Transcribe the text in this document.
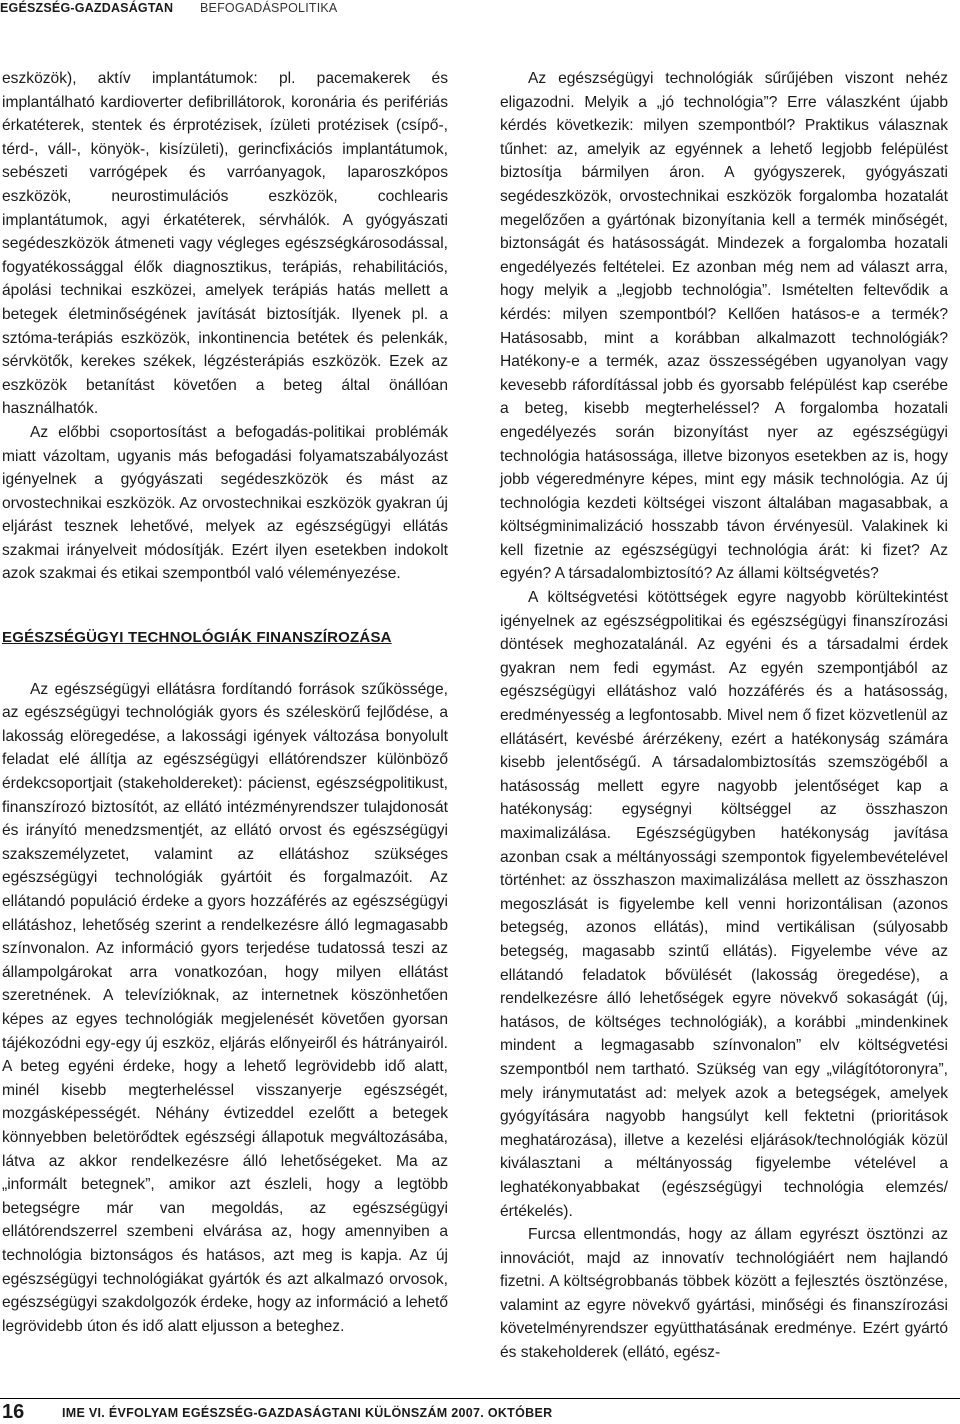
EGÉSZSÉG-GAZDASÁGTAN BEFOGADÁSPOLITIKA

eszközök), aktív implantátumok: pl. pacemakerek és implantálható kardioverter defibrillátorok, koronária és perifériás érkatéterek, stentek és érprotézisek, ízületi protézisek (csípő-, térd-, váll-, könyök-, kisízületi), gerincfixációs implantátumok, sebészeti varrógépek és varróanyagok, laparoszkópos eszközök, neurostimulációs eszközök, cochlearis implantátumok, agyi érkatéterek, sérvhálók. A gyógyászati segédeszközök átmeneti vagy végleges egészségkárosodással, fogyatékossággal élők diagnosztikus, terápiás, rehabilitációs, ápolási technikai eszközei, amelyek terápiás hatás mellett a betegek életminőségének javítását biztosítják. Ilyenek pl. a sztóma-terápiás eszközök, inkontinencia betétek és pelenkák, sérvkötők, kerekes székek, légzésterápiás eszközök. Ezek az eszközök betanítást követően a beteg által önállóan használhatók.

Az előbbi csoportosítást a befogadás-politikai problémák miatt vázoltam, ugyanis más befogadási folyamatszabályozást igényelnek a gyógyászati segédeszközök és mást az orvostechnikai eszközök. Az orvostechnikai eszközök gyakran új eljárást tesznek lehetővé, melyek az egészségügyi ellátás szakmai irányelveit módosítják. Ezért ilyen esetekben indokolt azok szakmai és etikai szempontból való véleményezése.

EGÉSZSÉGÜGYI TECHNOLÓGIÁK FINANSZÍROZÁSA

Az egészségügyi ellátásra fordítandó források szűkössége, az egészségügyi technológiák gyors és széleskörű fejlődése, a lakosság elöregedése, a lakossági igények változása bonyolult feladat elé állítja az egészségügyi ellátórendszer különböző érdekcsoportjait (stakeholdereket): pácienst, egészségpolitikust, finanszírozó biztosítót, az ellátó intézményrendszer tulajdonosát és irányító menedzsmentjét, az ellátó orvost és egészségügyi szakszemélyzetet, valamint az ellátáshoz szükséges egészségügyi technológiák gyártóit és forgalmazóit. Az ellátandó populáció érdeke a gyors hozzáférés az egészségügyi ellátáshoz, lehetőség szerint a rendelkezésre álló legmagasabb színvonalon. Az információ gyors terjedése tudatossá teszi az állampolgárokat arra vonatkozóan, hogy milyen ellátást szeretnének. A televízióknak, az internetnek köszönhetően képes az egyes technológiák megjelenését követően gyorsan tájékozódni egy-egy új eszköz, eljárás előnyeiről és hátrányairól. A beteg egyéni érdeke, hogy a lehető legrövidebb idő alatt, minél kisebb megterheléssel visszanyerje egészségét, mozgásképességét. Néhány évtizeddel ezelőtt a betegek könnyebben beletörődtek egészségi állapotuk megváltozásába, látva az akkor rendelkezésre álló lehetőségeket. Ma az „informált betegnek”, amikor azt észleli, hogy a legtöbb betegségre már van megoldás, az egészségügyi ellátórendszerrel szembeni elvárása az, hogy amennyiben a technológia biztonságos és hatásos, azt meg is kapja. Az új egészségügyi technológiákat gyártók és azt alkalmazó orvosok, egészségügyi szakdolgozók érdeke, hogy az információ a lehető legrövidebb úton és idő alatt eljusson a beteghez.

Az egészségügyi technológiák sűrűjében viszont nehéz eligazodni. Melyik a „jó technológia”? Erre válaszként újabb kérdés következik: milyen szempontból? Praktikus válasznak tűnhet: az, amelyik az egyénnek a lehető legjobb felépülést biztosítja bármilyen áron. A gyógyszerek, gyógyászati segédeszközök, orvostechnikai eszközök forgalomba hozatalát megelőzően a gyártónak bizonyítania kell a termék minőségét, biztonságát és hatásosságát. Mindezek a forgalomba hozatali engedélyezés feltételei. Ez azonban még nem ad választ arra, hogy melyik a „legjobb technológia”. Ismételten feltevődik a kérdés: milyen szempontból? Kellően hatásos-e a termék? Hatásosabb, mint a korábban alkalmazott technológiák? Hatékony-e a termék, azaz összességében ugyanolyan vagy kevesebb ráfordítással jobb és gyorsabb felépülést kap cserébe a beteg, kisebb megterheléssel? A forgalomba hozatali engedélyezés során bizonyítást nyer az egészségügyi technológia hatásossága, illetve bizonyos esetekben az is, hogy jobb végeredményre képes, mint egy másik technológia. Az új technológia kezdeti költségei viszont általában magasabbak, a költségminimalizáció hosszabb távon érvényesül. Valakinek ki kell fizetnie az egészségügyi technológia árát: ki fizet? Az egyén? A társadalombiztosító? Az állami költségvetés?

A költségvetési kötöttségek egyre nagyobb körültekintést igényelnek az egészségpolitikai és egészségügyi finanszírozási döntések meghozatalánál. Az egyéni és a társadalmi érdek gyakran nem fedi egymást. Az egyén szempontjából az egészségügyi ellátáshoz való hozzáférés és a hatásosság, eredményesség a legfontosabb. Mivel nem ő fizet közvetlenül az ellátásért, kevésbé árérzékeny, ezért a hatékonyság számára kisebb jelentőségű. A társadalombiztosítás szemszögéből a hatásosság mellett egyre nagyobb jelentőséget kap a hatékonyság: egységnyi költséggel az összhaszon maximalizálása. Egészségügyben hatékonyság javítása azonban csak a méltányossági szempontok figyelembevételével történhet: az összhaszon maximalizálása mellett az összhaszon megoszlását is figyelembe kell venni horizontálisan (azonos betegség, azonos ellátás), mind vertikálisan (súlyosabb betegség, magasabb szintű ellátás). Figyelembe véve az ellátandó feladatok bővülését (lakosság öregedése), a rendelkezésre álló lehetőségek egyre növekvő sokaságát (új, hatásos, de költséges technológiák), a korábbi „mindenkinek mindent a legmagasabb színvonalon” elv költségvetési szempontból nem tartható. Szükség van egy „világítótoronyra”, mely iránymutatást ad: melyek azok a betegségek, amelyek gyógyítására nagyobb hangsúlyt kell fektetni (prioritások meghatározása), illetve a kezelési eljárások/technológiák közül kiválasztani a méltányosság figyelembe vételével a leghatékonyabbakat (egészségügyi technológia elemzés/értékelés).

Furcsa ellentmondás, hogy az állam egyrészt ösztönzi az innovációt, majd az innovatív technológiáért nem hajlandó fizetni. A költségrobbanás többek között a fejlesztés ösztönzése, valamint az egyre növekvő gyártási, minőségi és finanszírozási követelményrendszer együtthatásának eredménye. Ezért gyártó és stakeholderek (ellátó, egész-

16	IME VI. ÉVFOLYAM EGÉSZSÉG-GAZDASÁGTANI KÜLÖNSZÁM 2007. OKTÓBER
